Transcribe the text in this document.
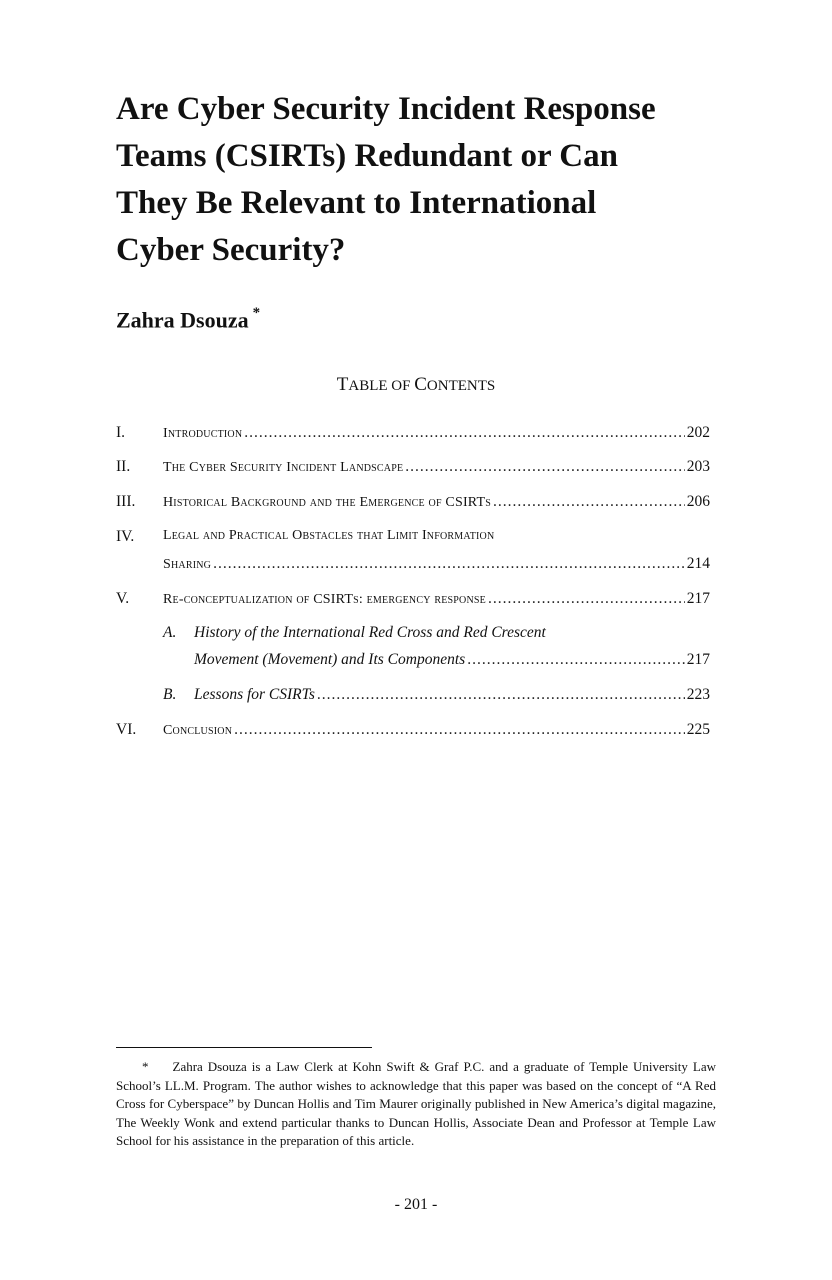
Are Cyber Security Incident Response
Teams (CSIRTs) Redundant or Can
They Be Relevant to International
Cyber Security?

Zahra Dsouza *

TABLE OF CONTENTS
I.	Introduction .....	202
II. The Cyber Security Incident Landscape .....	203
III. Historical Background and the Emergence of CSIRTs .....	206
IV. Legal and Practical Obstacles that Limit Information
Sharing .....	214
V. Re-conceptualization of CSIRTs: emergency response .....	217
A. History of the International Red Cross and Red Crescent
Movement (Movement) and Its Components .....	217
B. Lessons for CSIRTs .....	223
VI. Conclusion .....	225

* Zahra Dsouza is a Law Clerk at Kohn Swift & Graf P.C. and a graduate of Temple University Law School’s LL.M. Program. The author wishes to acknowledge that this paper was based on the concept of “A Red Cross for Cyberspace” by Duncan Hollis and Tim Maurer originally published in New America’s digital magazine, The Weekly Wonk and extend particular thanks to Duncan Hollis, Associate Dean and Professor at Temple Law School for his assistance in the preparation of this article.

- 201 -
